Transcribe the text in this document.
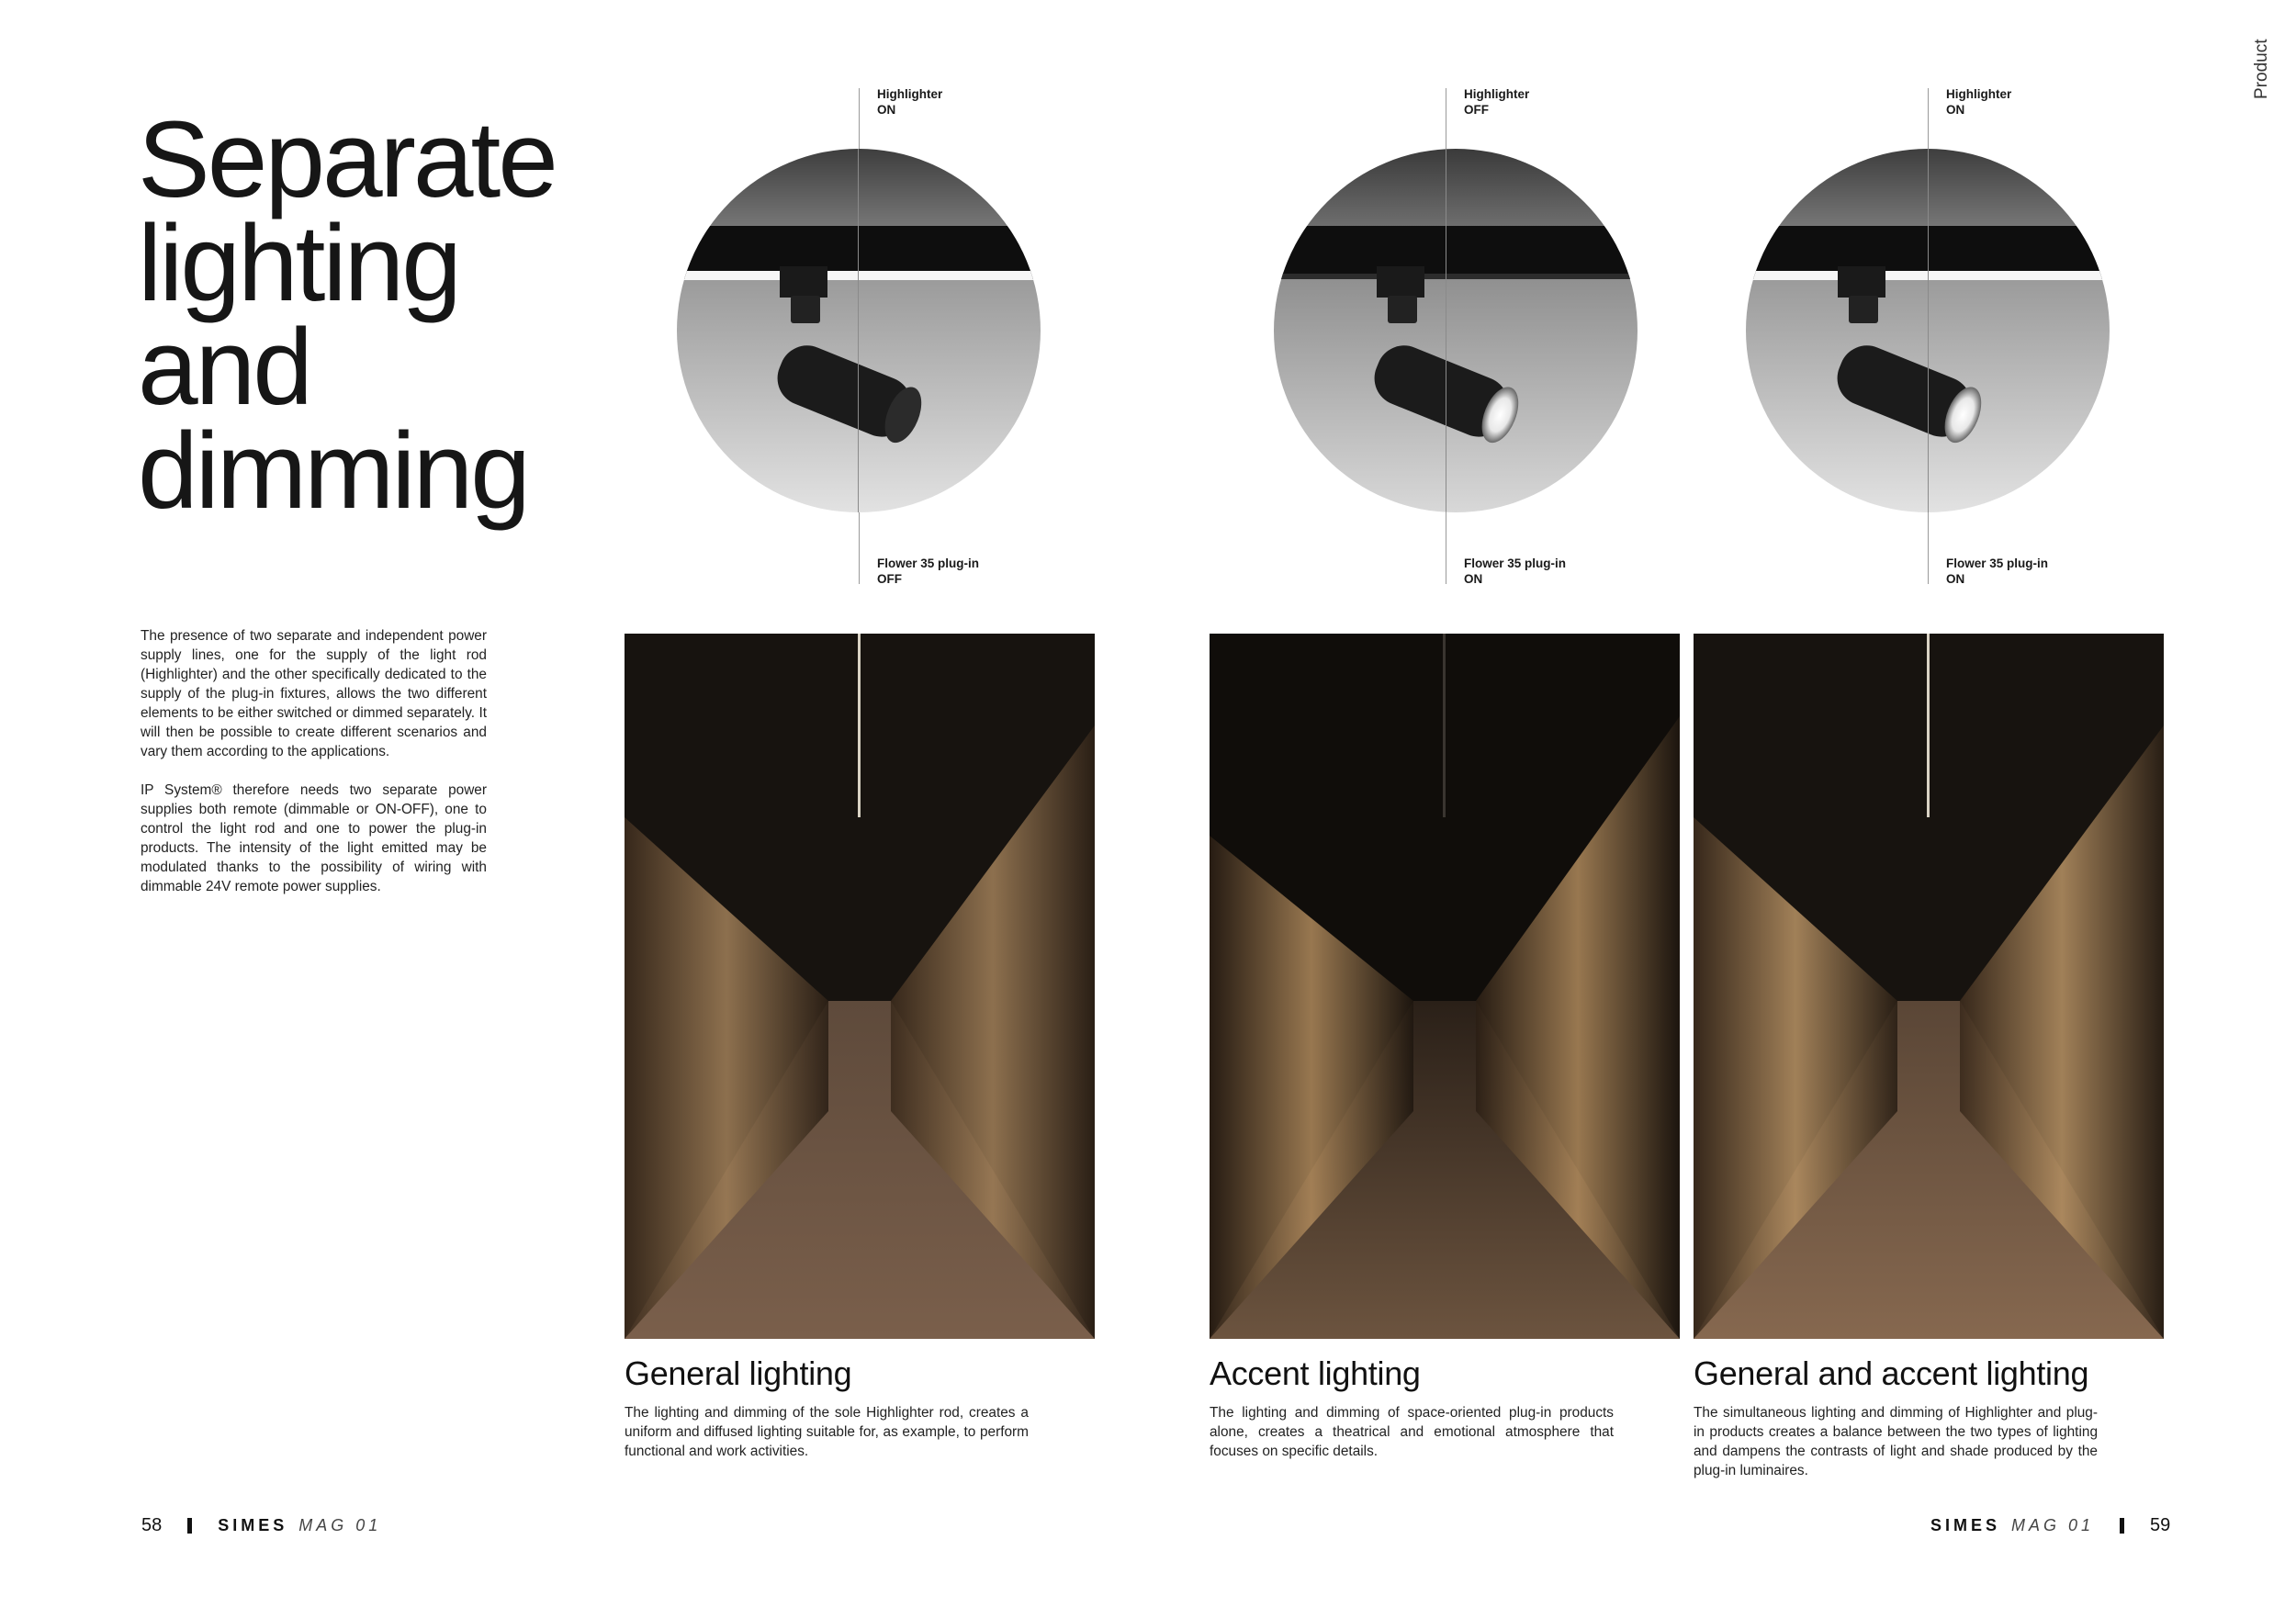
Product
Separate
lighting
and
dimming

The presence of two separate and independent power supply lines, one for the supply of the light rod (Highlighter) and the other specifically dedicated to the supply of the plug-in fixtures, allows the two different elements to be either switched or dimmed separately. It will then be possible to create different scenarios and vary them according to the applications.

IP System® therefore needs two separate power supplies both remote (dimmable or ON-OFF), one to control the light rod and one to power the plug-in products. The intensity of the light emitted may be modulated thanks to the possibility of wiring with dimmable 24V remote power supplies.

Highlighter
ON
Flower 35 plug-in
OFF
Highlighter
OFF
Flower 35 plug-in
ON
Highlighter
ON
Flower 35 plug-in
ON
General lighting
The lighting and dimming of the sole Highlighter rod, creates a uniform and diffused lighting suitable for, as example, to perform functional and work activities.
Accent lighting
The lighting and dimming of space-oriented plug-in products alone, creates a theatrical and emotional atmosphere that focuses on specific details.
General and accent lighting
The simultaneous lighting and dimming of Highlighter and plug-in products creates a balance between the two types of lighting and dampens the contrasts of light and shade produced by the plug-in luminaires.
58	SIMES MAG 01	SIMES MAG 01	59
